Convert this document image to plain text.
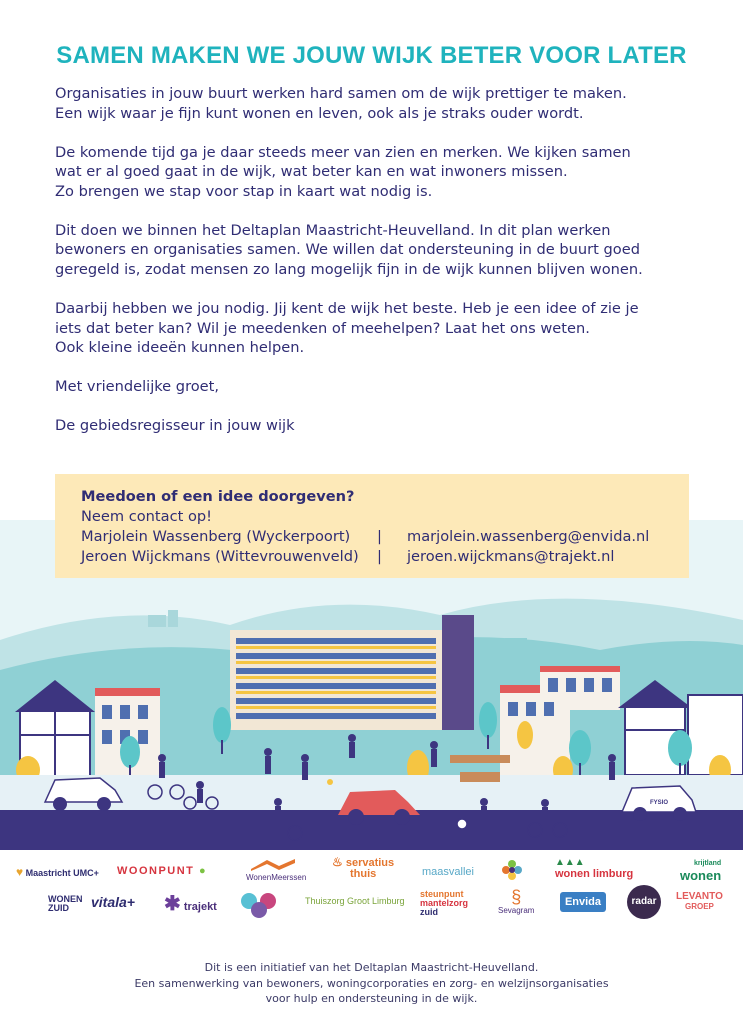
SAMEN MAKEN WE JOUW WIJK BETER VOOR LATER

Organisaties in jouw buurt werken hard samen om de wijk prettiger te maken.
Een wijk waar je fijn kunt wonen en leven, ook als je straks ouder wordt.

De komende tijd ga je daar steeds meer van zien en merken. We kijken samen
wat er al goed gaat in de wijk, wat beter kan en wat inwoners missen.
Zo brengen we stap voor stap in kaart wat nodig is.

Dit doen we binnen het Deltaplan Maastricht-Heuvelland. In dit plan werken
bewoners en organisaties samen. We willen dat ondersteuning in de buurt goed
geregeld is, zodat mensen zo lang mogelijk fijn in de wijk kunnen blijven wonen.

Daarbij hebben we jou nodig. Jij kent de wijk het beste. Heb je een idee of zie je
iets dat beter kan? Wil je meedenken of meehelpen? Laat het ons weten.
Ook kleine ideeën kunnen helpen.

Met vriendelijke groet,

De gebiedsregisseur in jouw wijk

FYSIO
Meedoen of een idee doorgeven?
Neem contact op!
Marjolein Wassenberg (Wyckerpoort)	|	marjolein.wassenberg@envida.nl
Jeroen Wijckmans (Wittevrouwenveld)	|	jeroen.wijckmans@trajekt.nl
♥ Maastricht UMC+ WOONPUNT ●
WonenMeerssen
♨ servatius
thuis	maasvallei
▲▲▲
wonen limburg
krijtland
wonen
WONEN
ZUID	vitala+ ✱ trajekt	Thuiszorg Groot Limburg
steunpunt
mantelzorg
zuid
§
Sevagram
Envida	radar	LEVANTO
GROEP
Dit is een initiatief van het Deltaplan Maastricht-Heuvelland.
Een samenwerking van bewoners, woningcorporaties en zorg- en welzijnsorganisaties
voor hulp en ondersteuning in de wijk.
